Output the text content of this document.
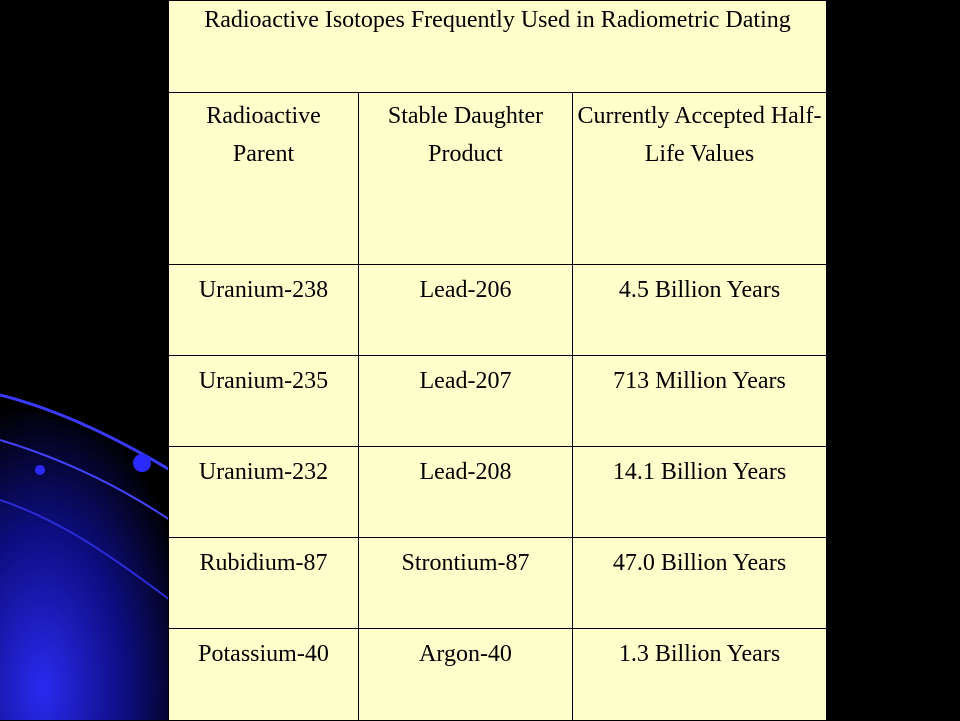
Radioactive Isotopes Frequently Used in Radiometric Dating		
Radioactive Parent	Stable Daughter Product	Currently Accepted Half-Life Values
Uranium-238	Lead-206	4.5 Billion Years
Uranium-235	Lead-207	713 Million Years
Uranium-232	Lead-208	14.1 Billion Years
Rubidium-87	Strontium-87	47.0 Billion Years
Potassium-40	Argon-40	1.3 Billion Years
